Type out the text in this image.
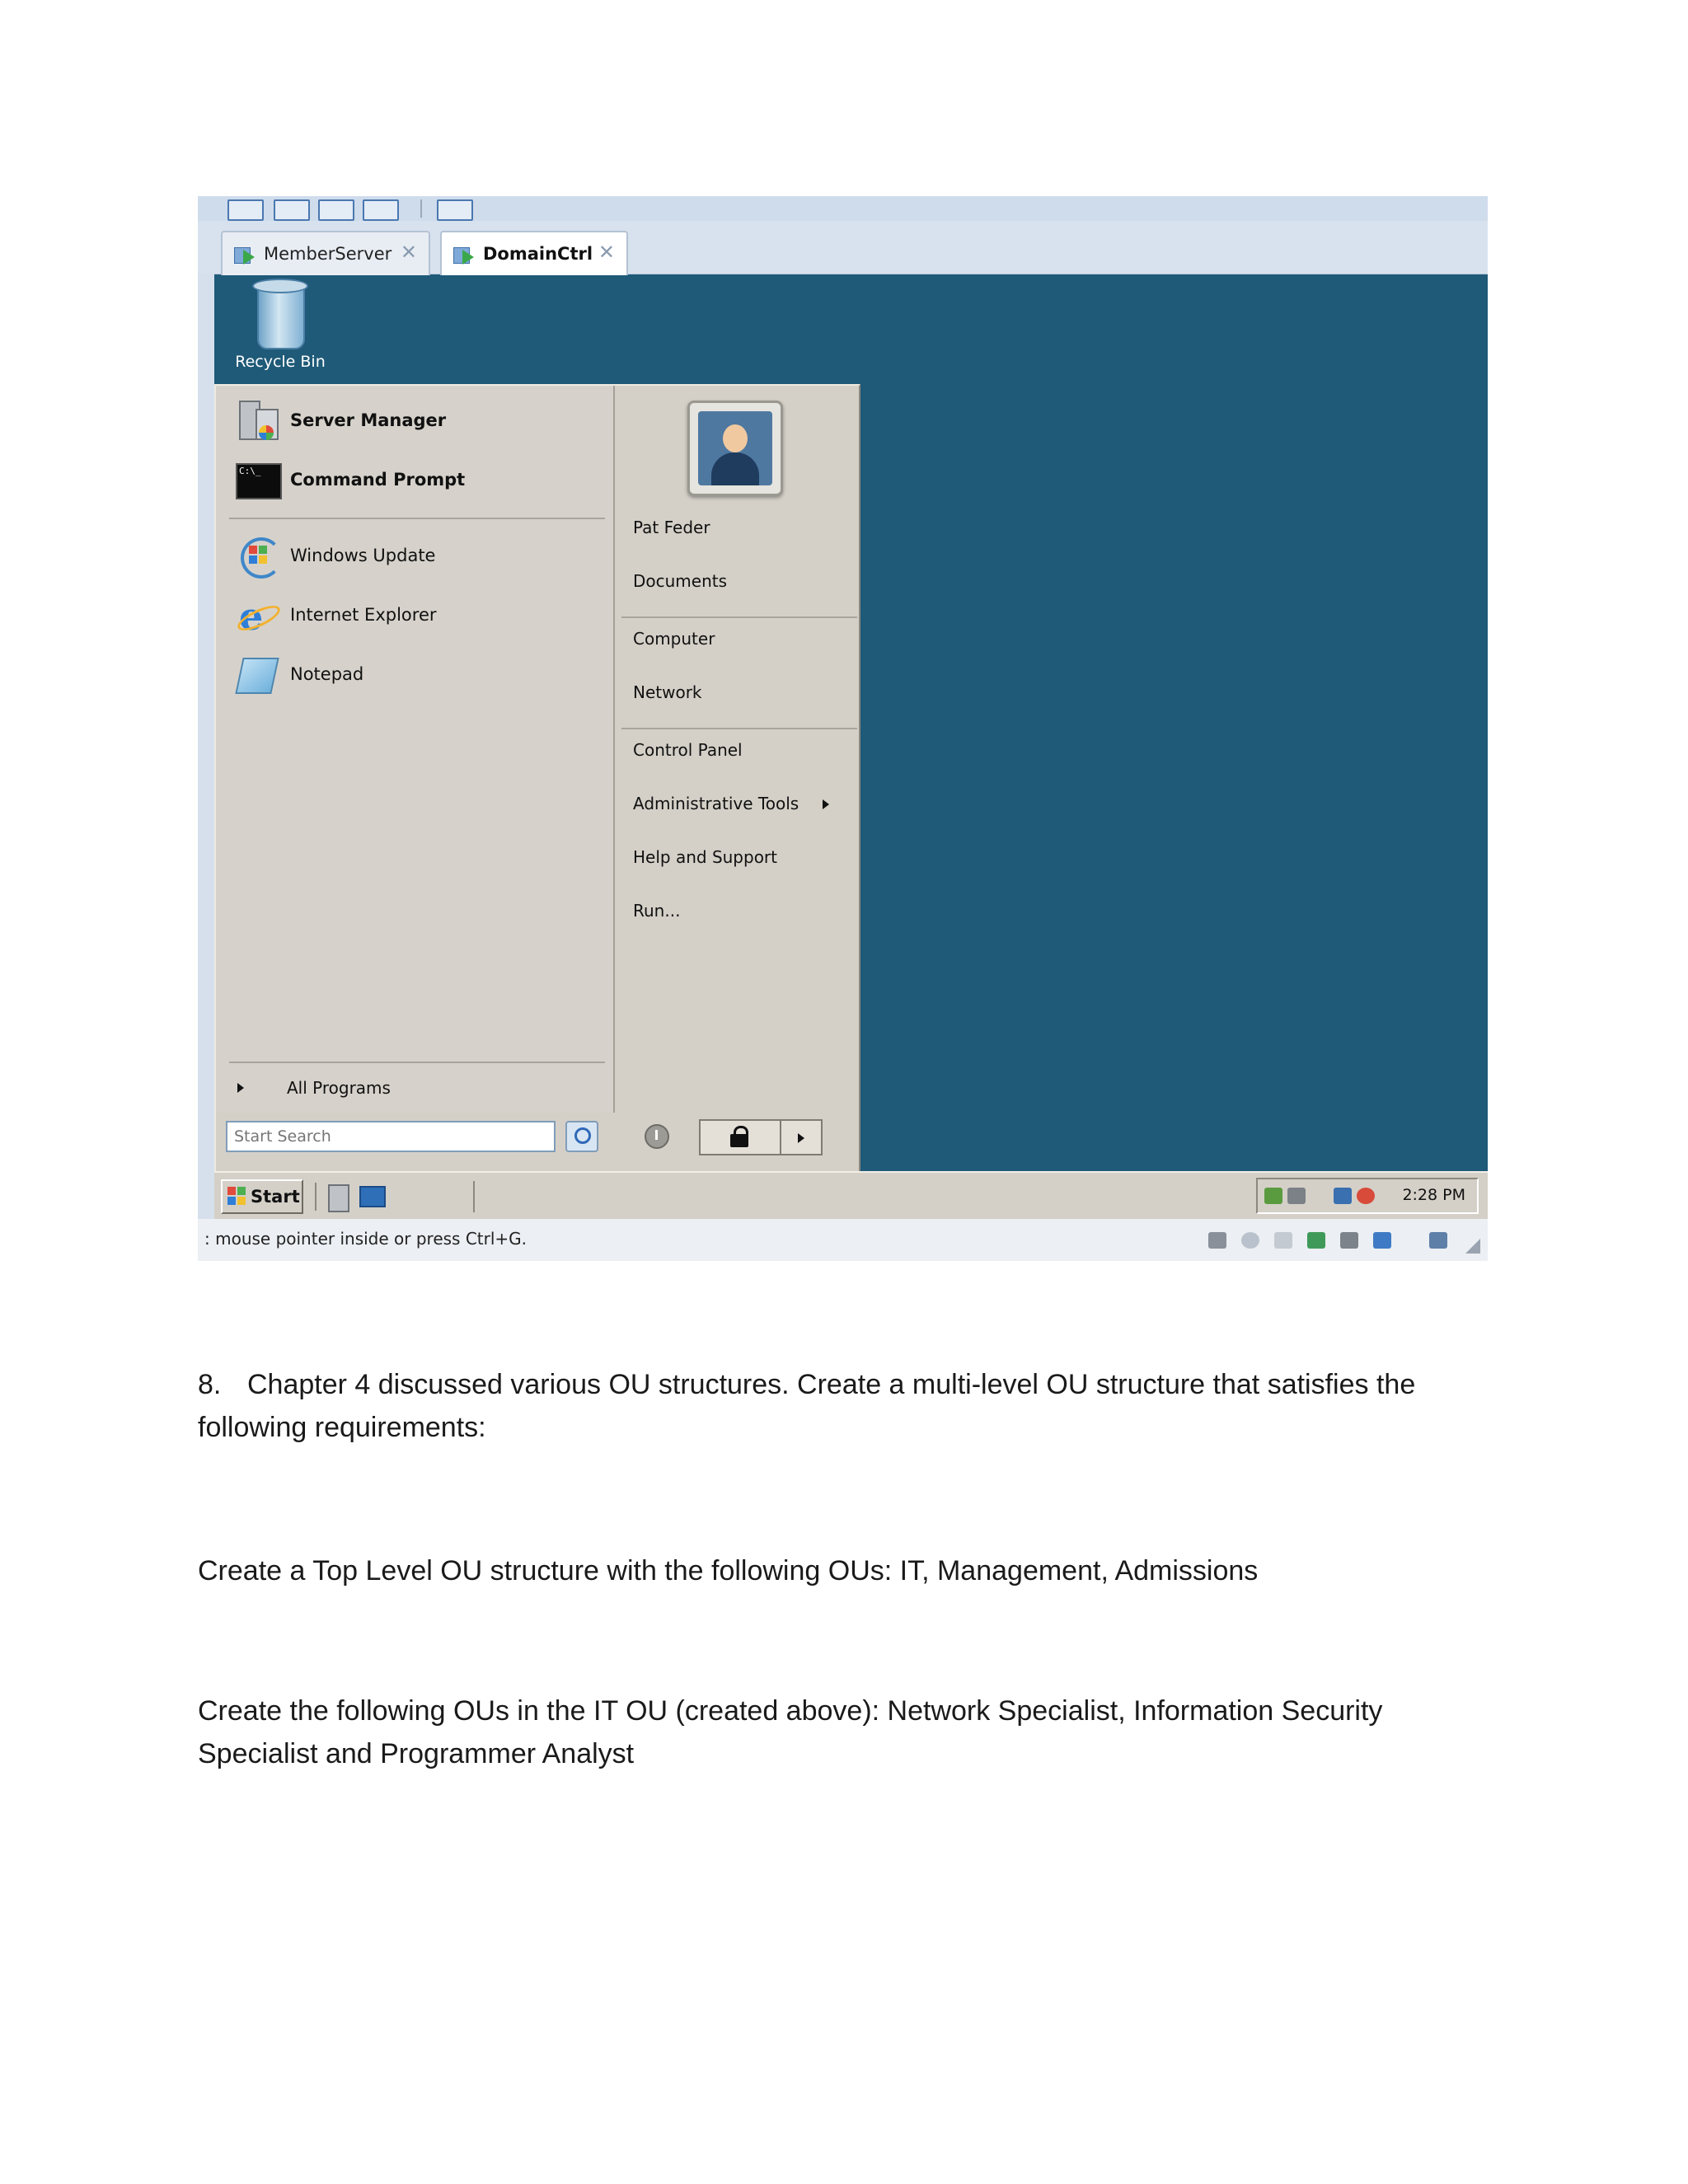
MemberServer ✕	DomainCtrl ✕
Recycle Bin
Server Manager
C:\_ Command Prompt
Windows Update
e Internet Explorer
Notepad
All Programs
Pat Feder
Documents
Computer
Network
Control Panel
Administrative Tools
Help and Support
Run...
Start Search
Start	2:28 PM
: mouse pointer inside or press Ctrl+G.
8. Chapter 4 discussed various OU structures. Create a multi-level OU structure that satisfies the following requirements:
Create a Top Level OU structure with the following OUs: IT, Management, Admissions
Create the following OUs in the IT OU (created above): Network Specialist, Information Security Specialist and Programmer Analyst
